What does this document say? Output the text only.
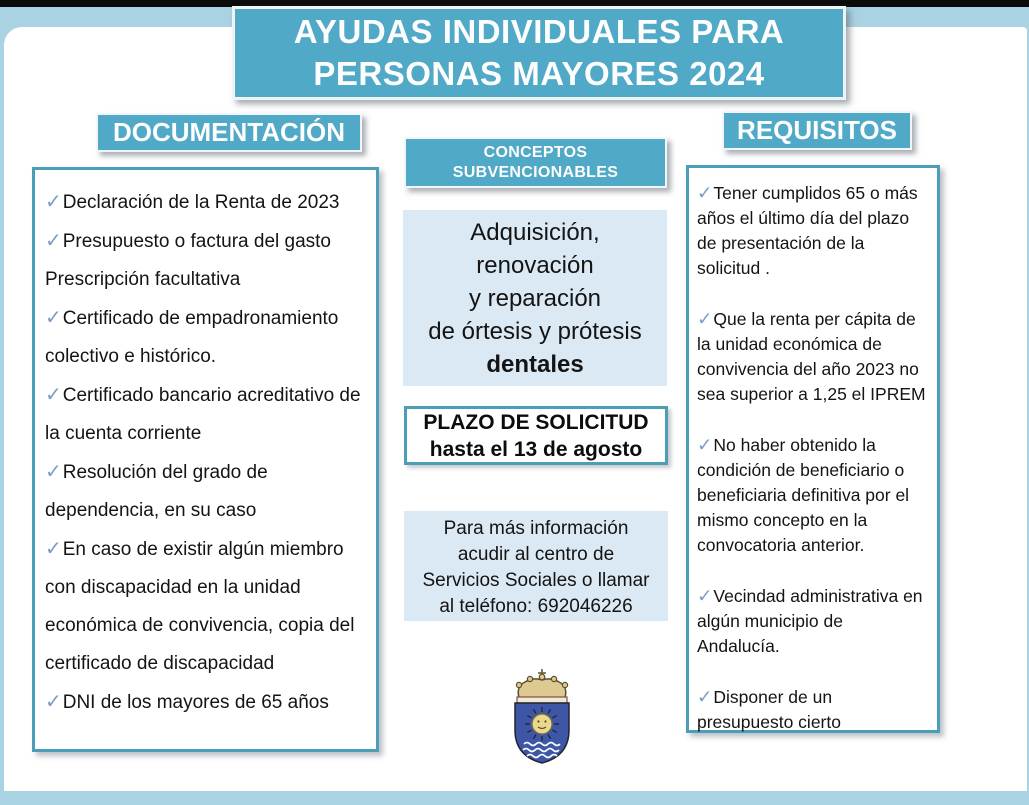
AYUDAS INDIVIDUALES PARA
PERSONAS MAYORES 2024
DOCUMENTACIÓN
✓Declaración de la Renta de 2023
✓Presupuesto o factura del gasto Prescripción facultativa
✓Certificado de empadronamiento colectivo e histórico.
✓Certificado bancario acreditativo de la cuenta corriente
✓Resolución del grado de dependencia, en su caso
✓En caso de existir algún miembro con discapacidad en la unidad económica de convivencia, copia del certificado de discapacidad
✓DNI de los mayores de 65 años
CONCEPTOS
SUBVENCIONABLES
Adquisición,
renovación
y reparación
de órtesis y prótesis
dentales
PLAZO DE SOLICITUD
hasta el 13 de agosto
Para más información
acudir al centro de
Servicios Sociales o llamar
al teléfono: 692046226
REQUISITOS
✓Tener cumplidos 65 o más años el último día del plazo de presentación de la solicitud .
✓Que la renta per cápita de la unidad económica de convivencia del año 2023 no sea superior a 1,25 el IPREM
✓No haber obtenido la condición de beneficiario o beneficiaria definitiva por el mismo concepto en la convocatoria anterior.
✓Vecindad administrativa en algún municipio de Andalucía.
✓Disponer de un presupuesto cierto
